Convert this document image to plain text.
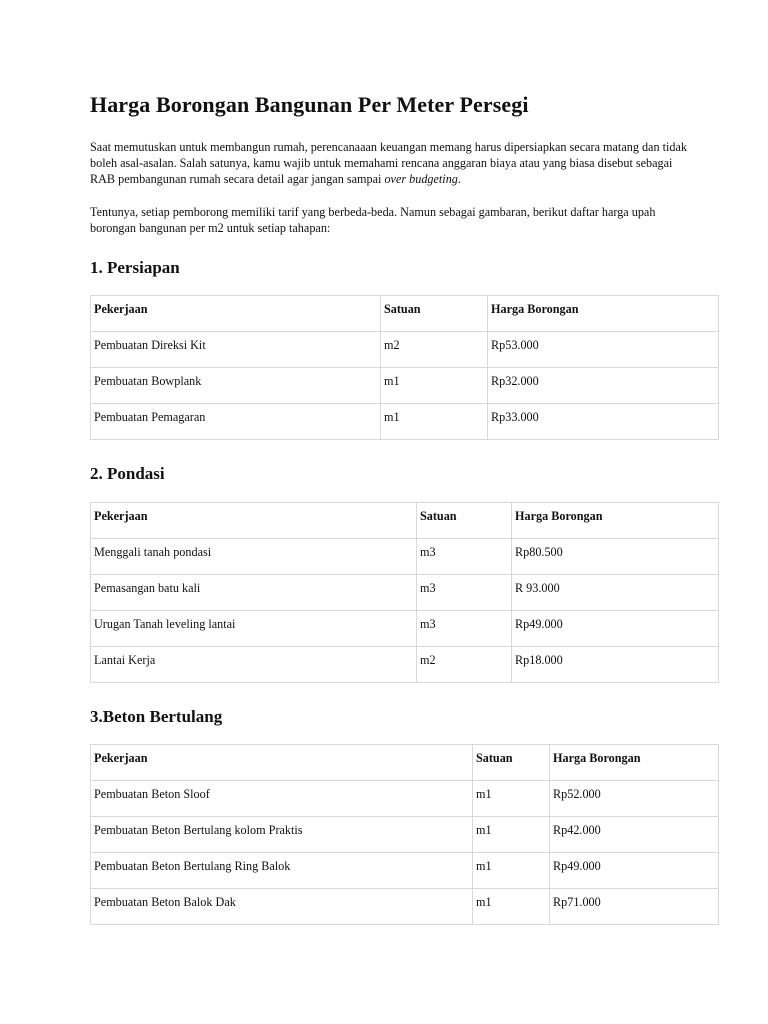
Harga Borongan Bangunan Per Meter Persegi

Saat memutuskan untuk membangun rumah, perencanaaan keuangan memang harus dipersiapkan secara matang dan tidak boleh asal-asalan. Salah satunya, kamu wajib untuk memahami rencana anggaran biaya atau yang biasa disebut sebagai RAB pembangunan rumah secara detail agar jangan sampai over budgeting.

Tentunya, setiap pemborong memiliki tarif yang berbeda-beda. Namun sebagai gambaran, berikut daftar harga upah borongan bangunan per m2 untuk setiap tahapan:

1. Persiapan
Pekerjaan	Satuan	Harga Borongan

Pembuatan Direksi Kit	m2	Rp53.000

Pembuatan Bowplank	m1	Rp32.000

Pembuatan Pemagaran	m1	Rp33.000
2. Pondasi
Pekerjaan	Satuan	Harga Borongan

Menggali tanah pondasi	m3	Rp80.500

Pemasangan batu kali	m3	R 93.000

Urugan Tanah leveling lantai	m3	Rp49.000

Lantai Kerja	m2	Rp18.000
3.Beton Bertulang
Pekerjaan	Satuan	Harga Borongan

Pembuatan Beton Sloof	m1	Rp52.000

Pembuatan Beton Bertulang kolom Praktis	m1	Rp42.000

Pembuatan Beton Bertulang Ring Balok	m1	Rp49.000

Pembuatan Beton Balok Dak	m1	Rp71.000
